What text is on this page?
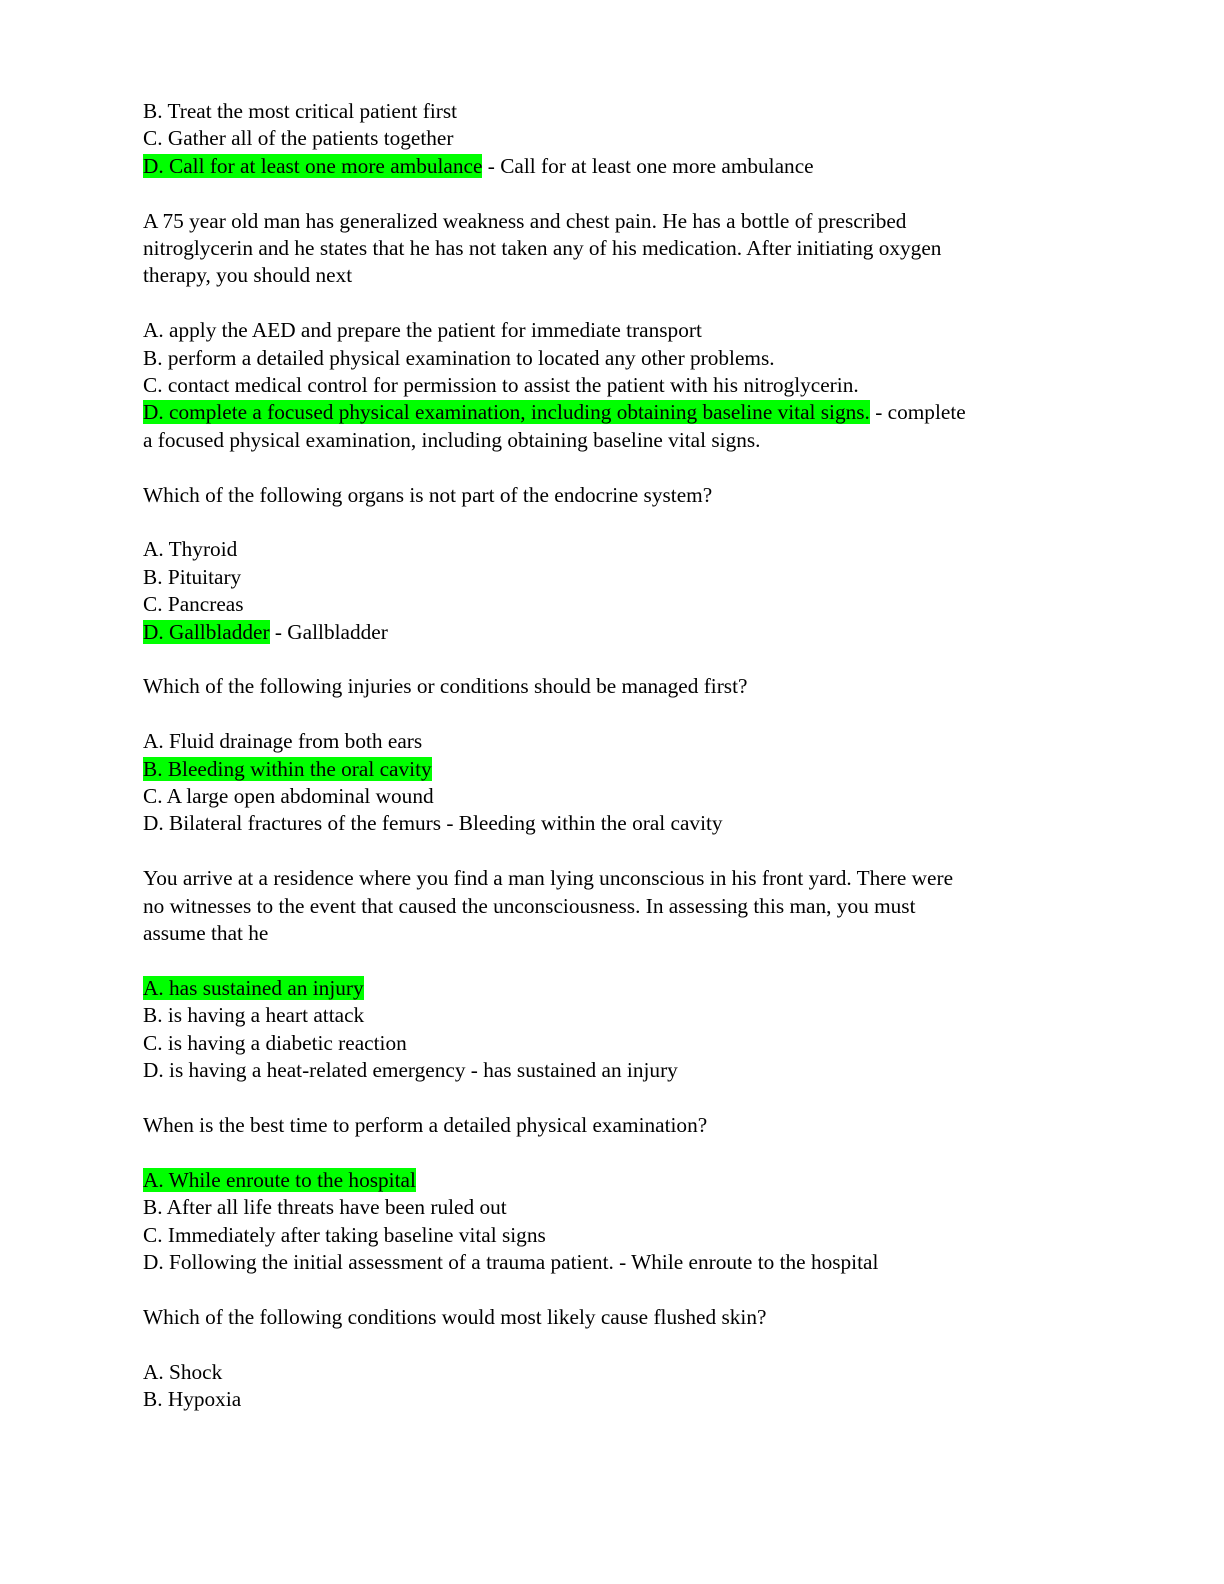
B. Treat the most critical patient first
C. Gather all of the patients together
D. Call for at least one more ambulance - Call for at least one more ambulance
A 75 year old man has generalized weakness and chest pain. He has a bottle of prescribed
nitroglycerin and he states that he has not taken any of his medication. After initiating oxygen
therapy, you should next
A. apply the AED and prepare the patient for immediate transport
B. perform a detailed physical examination to located any other problems.
C. contact medical control for permission to assist the patient with his nitroglycerin.
D. complete a focused physical examination, including obtaining baseline vital signs. - complete
a focused physical examination, including obtaining baseline vital signs.
Which of the following organs is not part of the endocrine system?
A. Thyroid
B. Pituitary
C. Pancreas
D. Gallbladder - Gallbladder
Which of the following injuries or conditions should be managed first?
A. Fluid drainage from both ears
B. Bleeding within the oral cavity
C. A large open abdominal wound
D. Bilateral fractures of the femurs - Bleeding within the oral cavity
You arrive at a residence where you find a man lying unconscious in his front yard. There were
no witnesses to the event that caused the unconsciousness. In assessing this man, you must
assume that he
A. has sustained an injury
B. is having a heart attack
C. is having a diabetic reaction
D. is having a heat-related emergency - has sustained an injury
When is the best time to perform a detailed physical examination?
A. While enroute to the hospital
B. After all life threats have been ruled out
C. Immediately after taking baseline vital signs
D. Following the initial assessment of a trauma patient. - While enroute to the hospital
Which of the following conditions would most likely cause flushed skin?
A. Shock
B. Hypoxia
